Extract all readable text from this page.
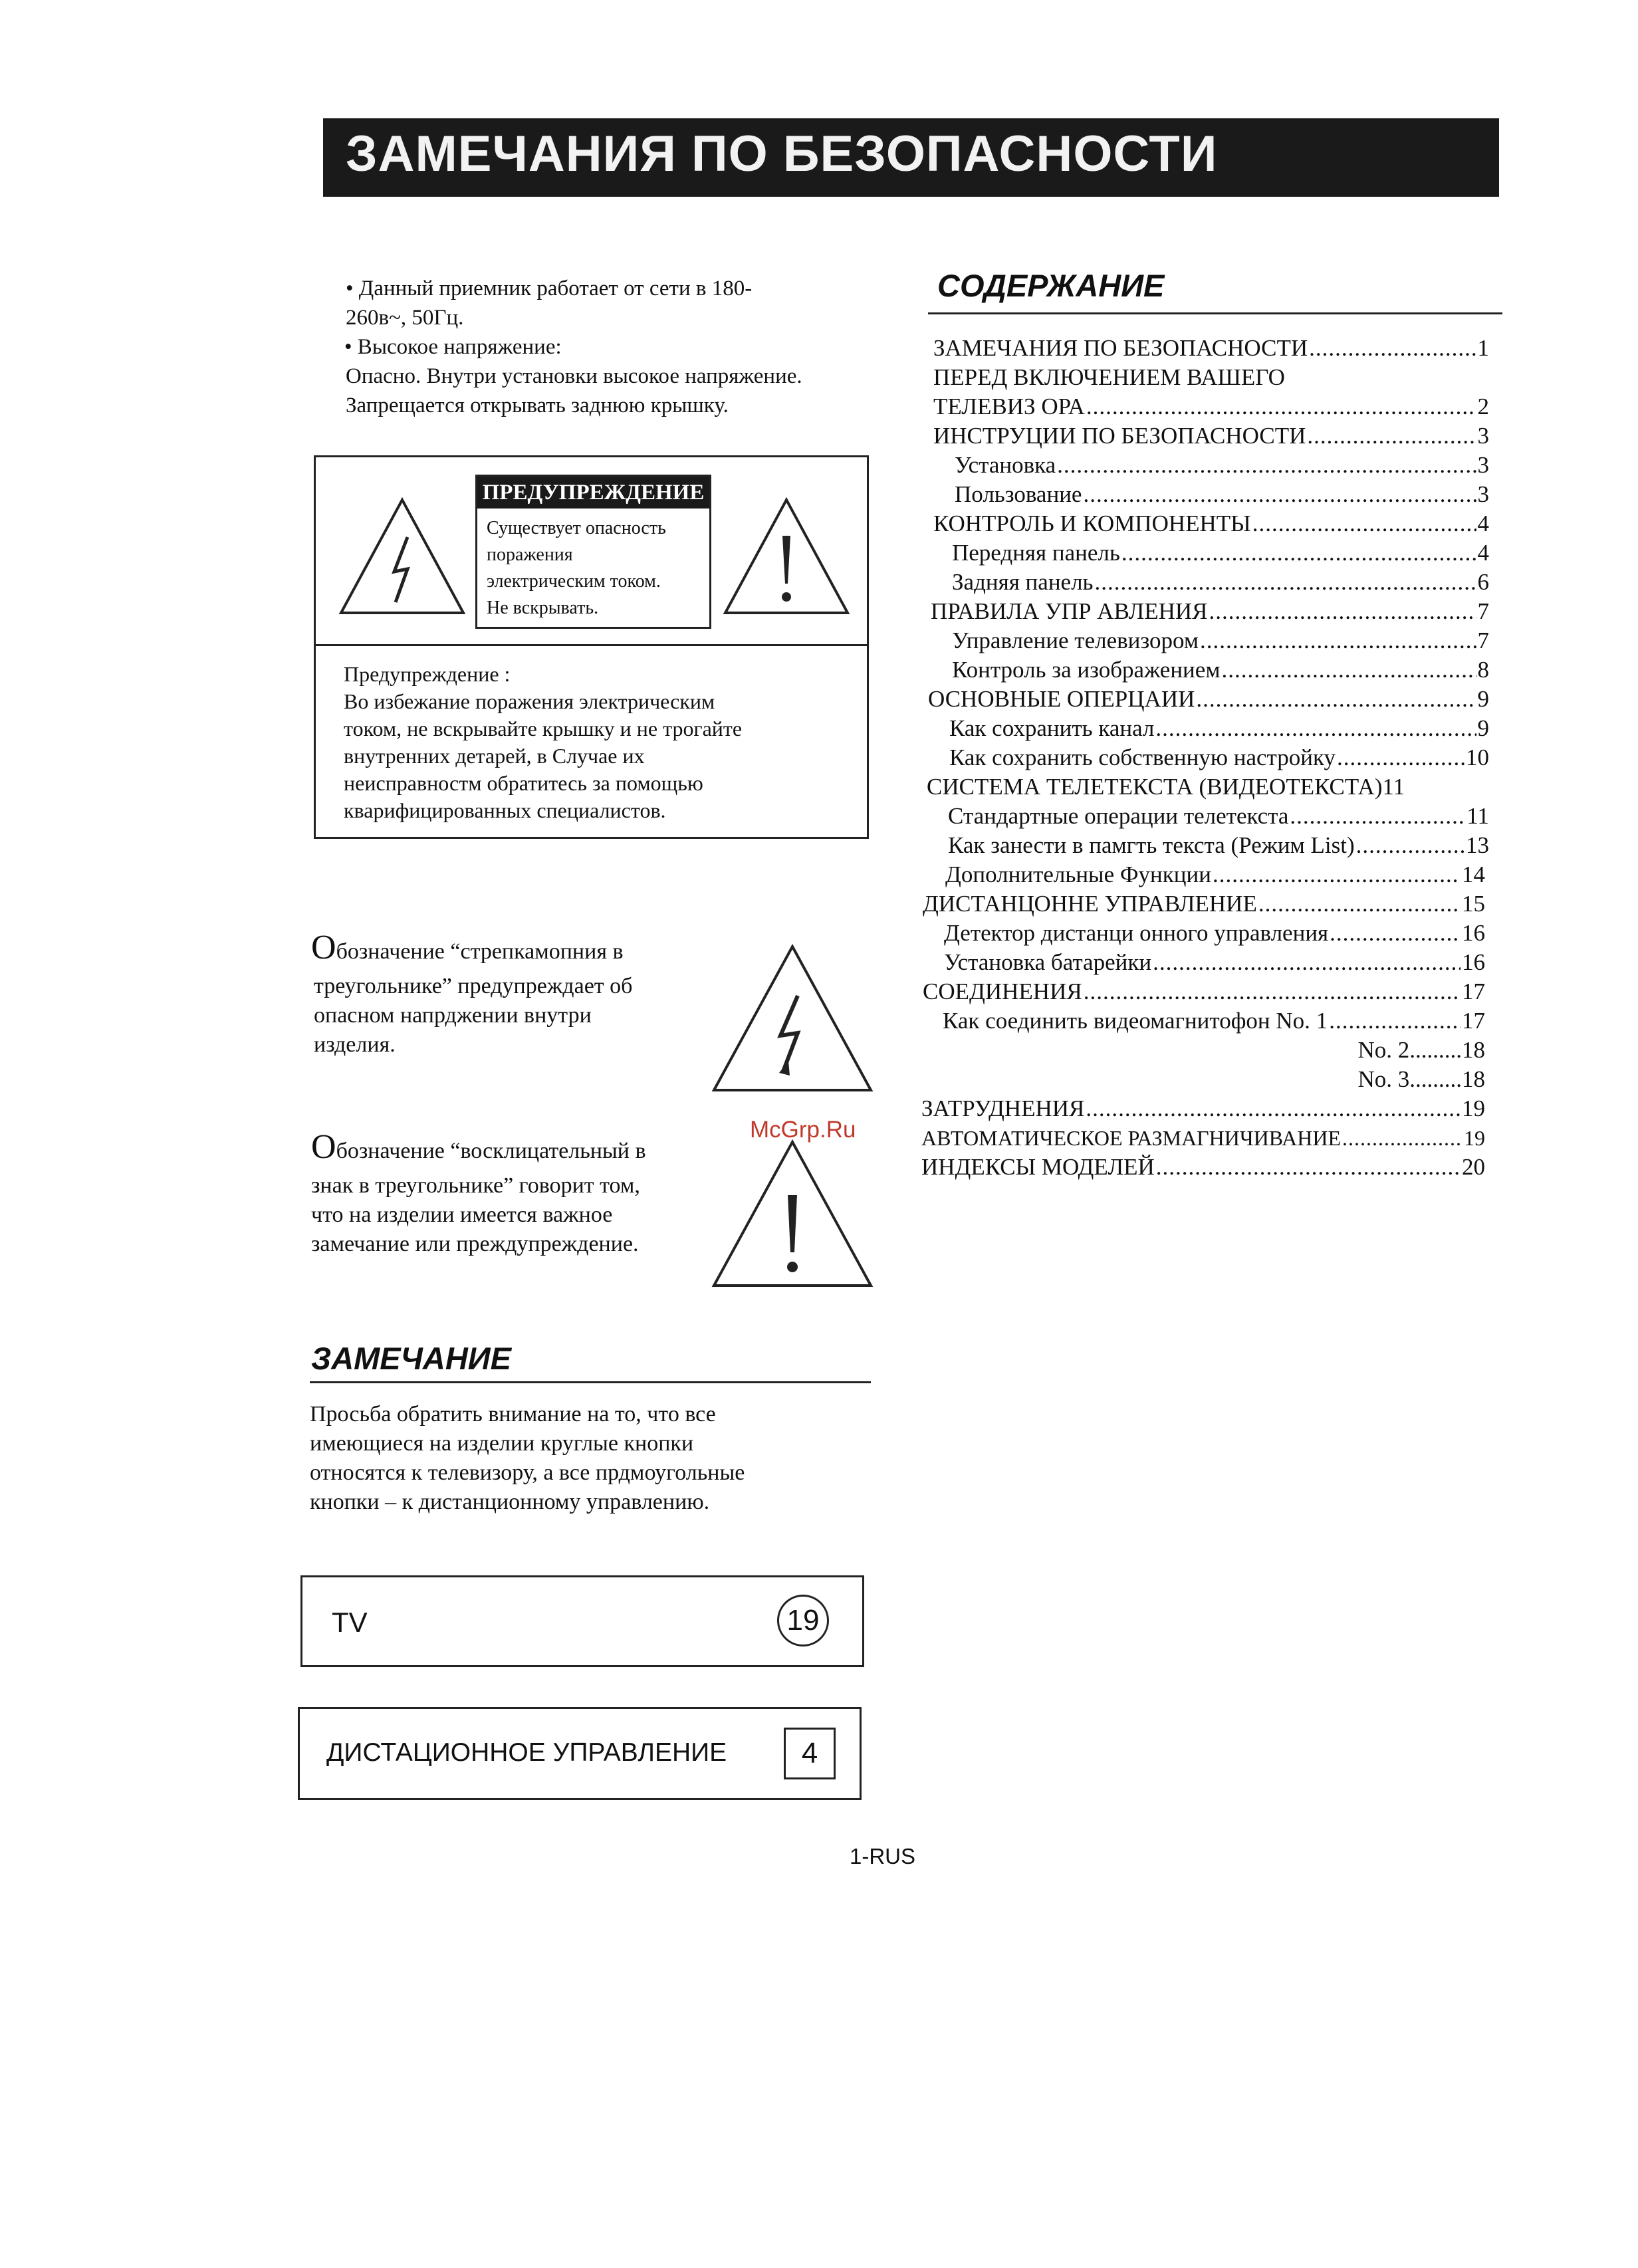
ЗАМЕЧАНИЯ ПО БЕЗОПАСНОСТИ
• Данный приемник работает от сети в 180-
260в~, 50Гц.
• Высокое напряжение:
Опасно. Внутри установки высокое напряжение.
Запрещается открывать заднюю крышку.
ПРЕДУПРЕЖДЕНИЕ
Существует опасность
поражения
электрическим током.
Не вскрывать.
Предупреждение :
Во избежание поражения электрическим
током, не вскрывайте крышку и не трогайте
внутренних детарей, в Случае их
неисправностм обратитесь за помощью
кварифицированных специалистов.
Обозначение “стрепкамопния в
треугольнике” предупреждает об
опасном напрджении внутри
изделия.
Обозначение “восклицательный в
знак в треугольнике” говорит том,
что на изделии имеется важное
замечание или преждупреждение.
McGrp.Ru
ЗАМЕЧАНИЕ
Просьба обратить внимание на то, что все
имеющиеся на изделии круглые кнопки
относятся к телевизору, а все прдмоугольные
кнопки – к дистанционному управлению.
TV	19
ДИСТАЦИОННОЕ УПРАВЛЕНИЕ	4
1-RUS
СОДЕРЖАНИЕ
ЗАМЕЧАНИЯ ПО БЕЗОПАСНОСТИ .....	1
ПЕРЕД ВКЛЮЧЕНИЕМ ВАШЕГО
ТЕЛЕВИЗ ОРА .....	2
ИНСТРУЦИИ ПО БЕЗОПАСНОСТИ .....	3
Установка .....	3
Пользование .....	3
КОНТРОЛЬ И КОМПОНЕНТЫ .....	4
Передняя панель .....	4
Задняя панель .....	6
ПРАВИЛА УПР АВЛЕНИЯ .....	7
Управление телевизором .....	7
Контроль за изображением .....	8
ОСНОВНЫЕ ОПЕРЦАИИ .....	9
Как сохранить канал .....	9
Как сохранить собственную настройку .....	10
СИСТЕМА ТЕЛЕТЕКСТА (ВИДЕОТЕКСТА) 11
Стандартные операции телетекста .....	11
Как занести в памгть текста (Режим List) .....	13
Дополнительные Функции .....	14
ДИСТАНЦОННЕ УПРАВЛЕНИЕ .....	15
Детектор дистанци онного управления .....	16
Установка батарейки .....	16
СОЕДИНЕНИЯ .....	17
Как соединить видеомагнитофон No. 1 .....	17
No. 2 ..... 18
No. 3 ..... 18
ЗАТРУДНЕНИЯ .....	19
АВТОМАТИЧЕСКОЕ РАЗМАГНИЧИВАНИЕ .....	19
ИНДЕКСЫ МОДЕЛЕЙ .....	20
